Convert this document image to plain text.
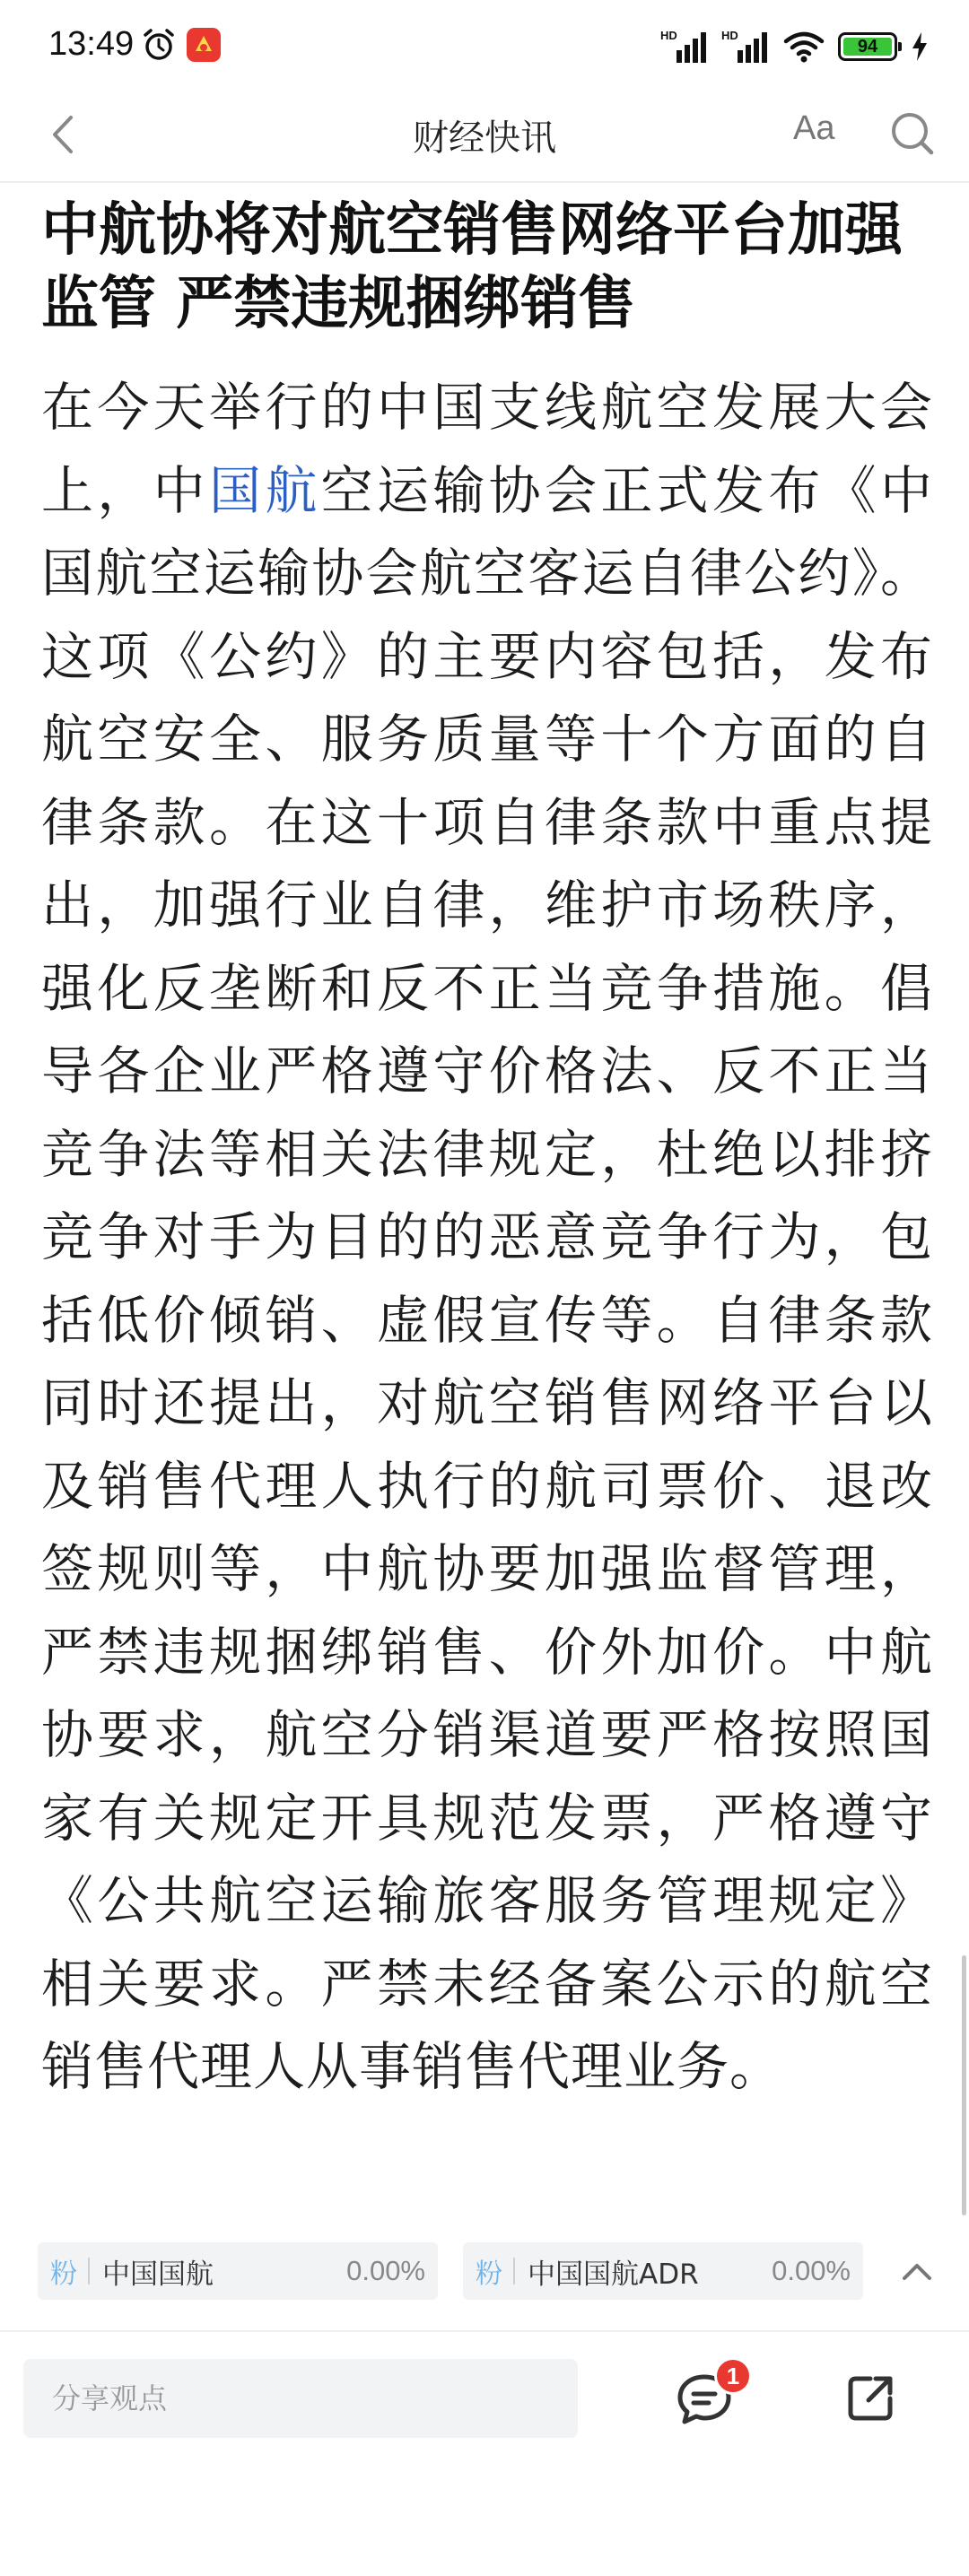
13:49	HD	HD
94
财经快讯	Aa
中航协将对航空销售网络平台加强监管 严禁违规捆绑销售
在今天举行的中国支线航空发展大会上，中国航空运输协会正式发布《中国航空运输协会航空客运自律公约》。这项《公约》的主要内容包括，发布航空安全、服务质量等十个方面的自律条款。在这十项自律条款中重点提出，加强行业自律，维护市场秩序，强化反垄断和反不正当竞争措施。倡导各企业严格遵守价格法、反不正当竞争法等相关法律规定，杜绝以排挤竞争对手为目的的恶意竞争行为，包括低价倾销、虚假宣传等。自律条款同时还提出，对航空销售网络平台以及销售代理人执行的航司票价、退改签规则等，中航协要加强监督管理，严禁违规捆绑销售、价外加价。中航协要求，航空分销渠道要严格按照国家有关规定开具规范发票，严格遵守《公共航空运输旅客服务管理规定》相关要求。严禁未经备案公示的航空销售代理人从事销售代理业务。
粉 中国国航	0.00% 粉 中国国航ADR	0.00%
分享观点
1
